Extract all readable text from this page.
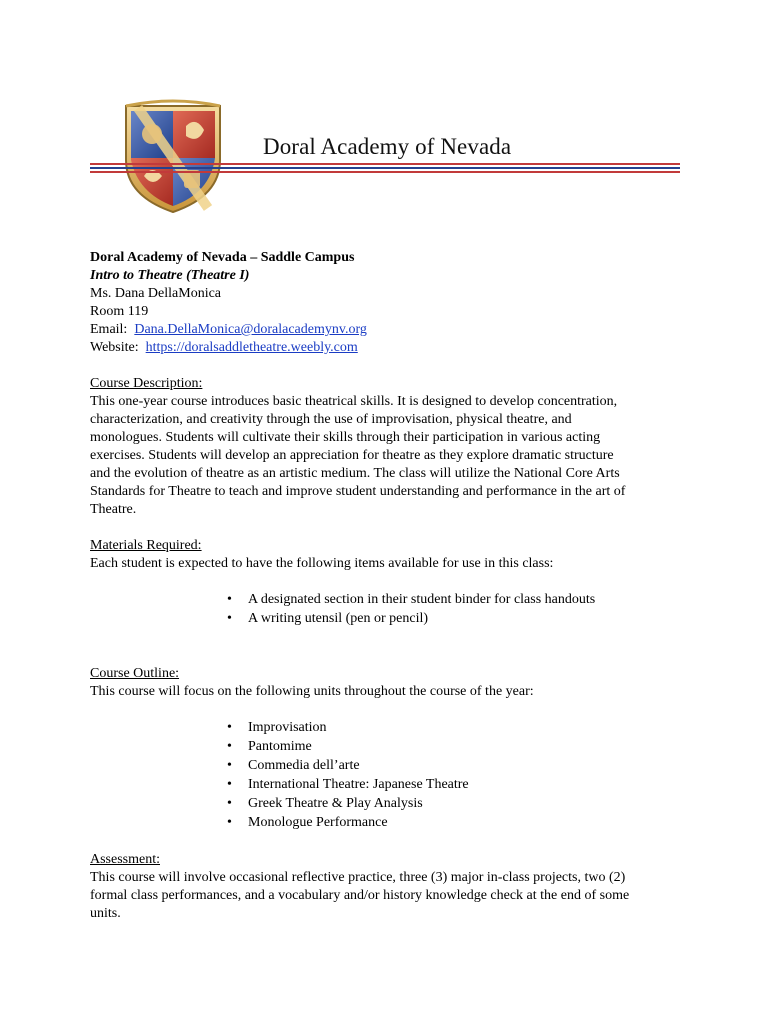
Doral Academy of Nevada
Doral Academy of Nevada – Saddle Campus
Intro to Theatre (Theatre I)
Ms. Dana DellaMonica
Room 119
Email: Dana.DellaMonica@doralacademynv.org
Website: https://doralsaddletheatre.weebly.com
Course Description:
This one-year course introduces basic theatrical skills. It is designed to develop concentration,
characterization, and creativity through the use of improvisation, physical theatre, and
monologues. Students will cultivate their skills through their participation in various acting
exercises. Students will develop an appreciation for theatre as they explore dramatic structure
and the evolution of theatre as an artistic medium. The class will utilize the National Core Arts
Standards for Theatre to teach and improve student understanding and performance in the art of
Theatre.
Materials Required:
Each student is expected to have the following items available for use in this class:
• A designated section in their student binder for class handouts
• A writing utensil (pen or pencil)
Course Outline:
This course will focus on the following units throughout the course of the year:
• Improvisation
• Pantomime
• Commedia dell’arte
• International Theatre: Japanese Theatre
• Greek Theatre & Play Analysis
• Monologue Performance
Assessment:
This course will involve occasional reflective practice, three (3) major in-class projects, two (2)
formal class performances, and a vocabulary and/or history knowledge check at the end of some
units.
